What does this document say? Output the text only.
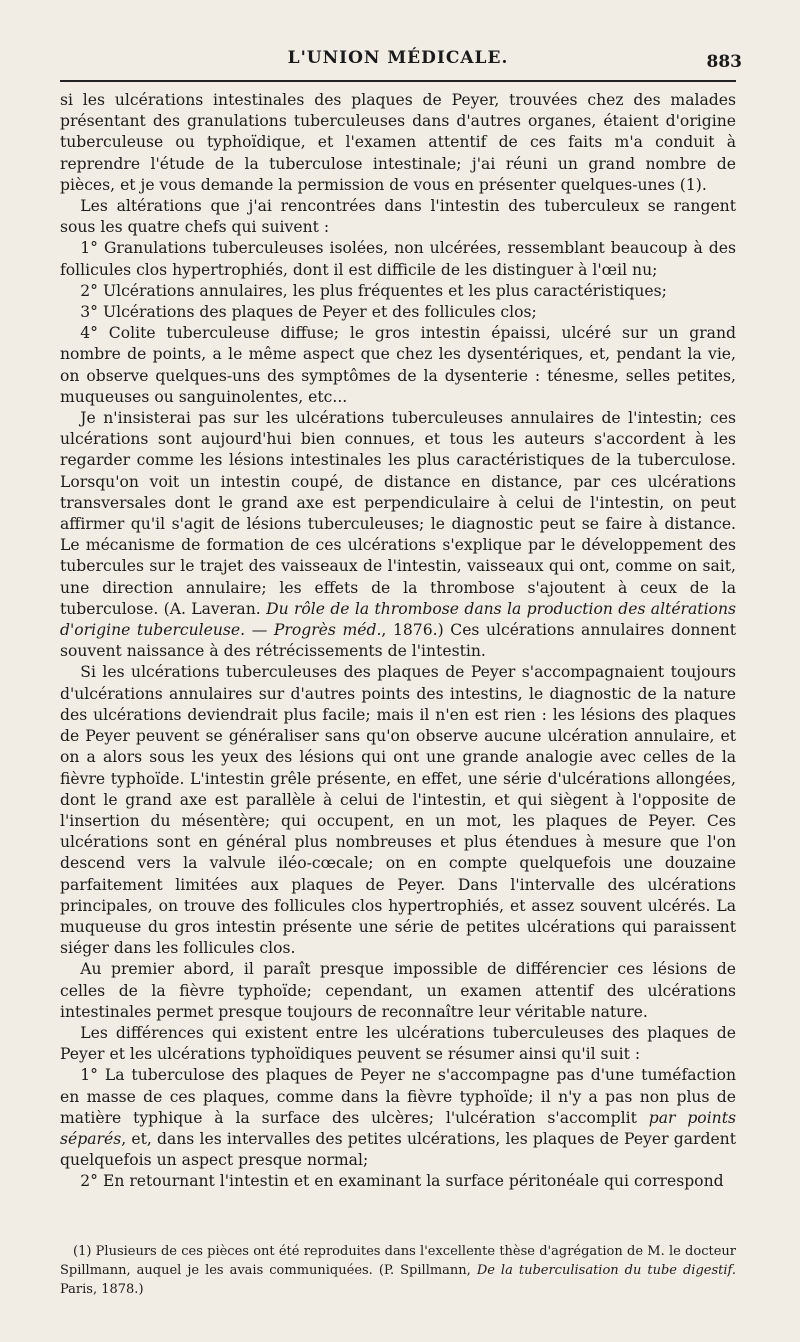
L'UNION MÉDICALE.	883

si les ulcérations intestinales des plaques de Peyer, trouvées chez des malades présentant des granulations tuberculeuses dans d'autres organes, étaient d'origine tuberculeuse ou typhoïdique, et l'examen attentif de ces faits m'a conduit à reprendre l'étude de la tuberculose intestinale; j'ai réuni un grand nombre de pièces, et je vous demande la permission de vous en présenter quelques-unes (1).

Les altérations que j'ai rencontrées dans l'intestin des tuberculeux se rangent sous les quatre chefs qui suivent :

1° Granulations tuberculeuses isolées, non ulcérées, ressemblant beaucoup à des follicules clos hypertrophiés, dont il est difficile de les distinguer à l'œil nu;

2° Ulcérations annulaires, les plus fréquentes et les plus caractéristiques;

3° Ulcérations des plaques de Peyer et des follicules clos;

4° Colite tuberculeuse diffuse; le gros intestin épaissi, ulcéré sur un grand nombre de points, a le même aspect que chez les dysentériques, et, pendant la vie, on observe quelques-uns des symptômes de la dysenterie : ténesme, selles petites, muqueuses ou sanguinolentes, etc...

Je n'insisterai pas sur les ulcérations tuberculeuses annulaires de l'intestin; ces ulcérations sont aujourd'hui bien connues, et tous les auteurs s'accordent à les regarder comme les lésions intestinales les plus caractéristiques de la tuberculose. Lorsqu'on voit un intestin coupé, de distance en distance, par ces ulcérations transversales dont le grand axe est perpendiculaire à celui de l'intestin, on peut affirmer qu'il s'agit de lésions tuberculeuses; le diagnostic peut se faire à distance. Le mécanisme de formation de ces ulcérations s'explique par le développement des tubercules sur le trajet des vaisseaux de l'intestin, vaisseaux qui ont, comme on sait, une direction annulaire; les effets de la thrombose s'ajoutent à ceux de la tuberculose. (A. Laveran. Du rôle de la thrombose dans la production des altérations d'origine tuberculeuse. — Progrès méd., 1876.) Ces ulcérations annulaires donnent souvent naissance à des rétrécissements de l'intestin.

Si les ulcérations tuberculeuses des plaques de Peyer s'accompagnaient toujours d'ulcérations annulaires sur d'autres points des intestins, le diagnostic de la nature des ulcérations deviendrait plus facile; mais il n'en est rien : les lésions des plaques de Peyer peuvent se généraliser sans qu'on observe aucune ulcération annulaire, et on a alors sous les yeux des lésions qui ont une grande analogie avec celles de la fièvre typhoïde. L'intestin grêle présente, en effet, une série d'ulcérations allongées, dont le grand axe est parallèle à celui de l'intestin, et qui siègent à l'opposite de l'insertion du mésentère; qui occupent, en un mot, les plaques de Peyer. Ces ulcérations sont en général plus nombreuses et plus étendues à mesure que l'on descend vers la valvule iléo-cœcale; on en compte quelquefois une douzaine parfaitement limitées aux plaques de Peyer. Dans l'intervalle des ulcérations principales, on trouve des follicules clos hypertrophiés, et assez souvent ulcérés. La muqueuse du gros intestin présente une série de petites ulcérations qui paraissent siéger dans les follicules clos.

Au premier abord, il paraît presque impossible de différencier ces lésions de celles de la fièvre typhoïde; cependant, un examen attentif des ulcérations intestinales permet presque toujours de reconnaître leur véritable nature.

Les différences qui existent entre les ulcérations tuberculeuses des plaques de Peyer et les ulcérations typhoïdiques peuvent se résumer ainsi qu'il suit :

1° La tuberculose des plaques de Peyer ne s'accompagne pas d'une tuméfaction en masse de ces plaques, comme dans la fièvre typhoïde; il n'y a pas non plus de matière typhique à la surface des ulcères; l'ulcération s'accomplit par points séparés, et, dans les intervalles des petites ulcérations, les plaques de Peyer gardent quelquefois un aspect presque normal;

2° En retournant l'intestin et en examinant la surface péritonéale qui correspond

(1) Plusieurs de ces pièces ont été reproduites dans l'excellente thèse d'agrégation de M. le docteur Spillmann, auquel je les avais communiquées. (P. Spillmann, De la tuberculisation du tube digestif. Paris, 1878.)
